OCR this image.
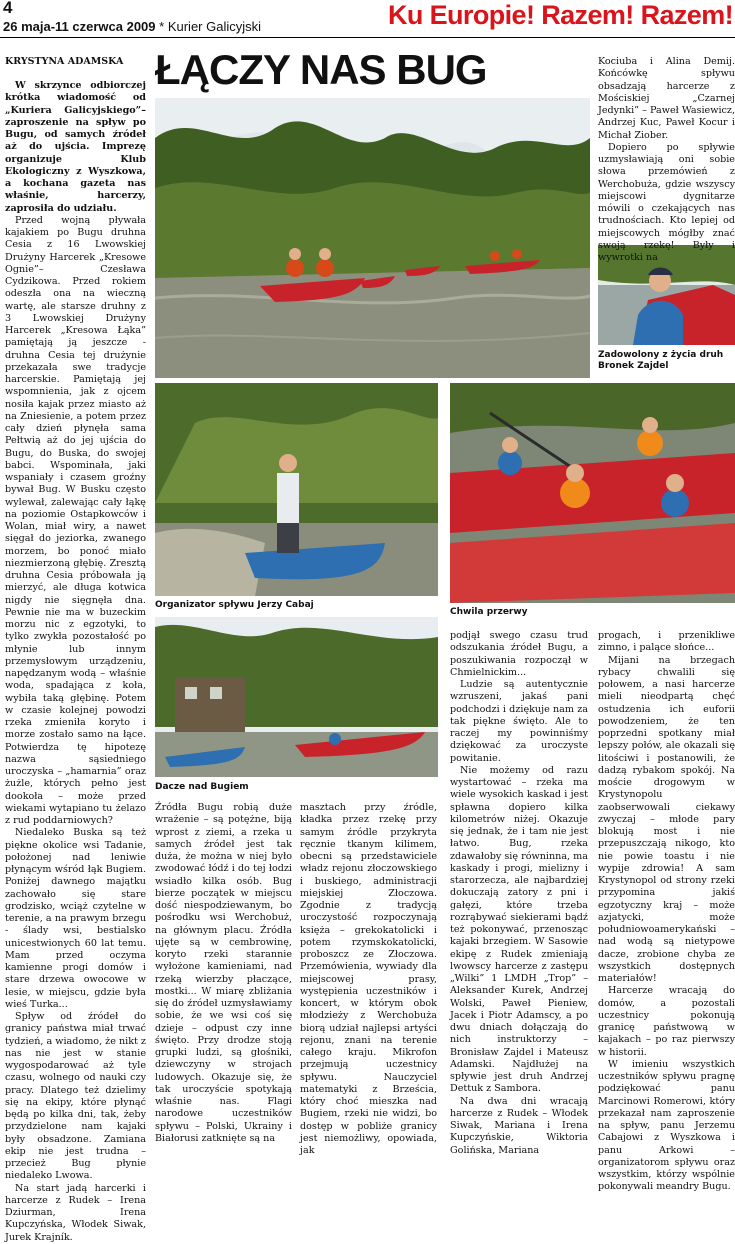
4
26 maja-11 czerwca 2009 * Kurier Galicyjski	Ku Europie! Razem! Razem!
KRYSTYNA ADAMSKA ŁĄCZY NAS BUG

W skrzynce odbiorczej krótka wiadomość od „Kuriera Galicyjskiego”– zaproszenie na spływ po Bugu, od samych źródeł aż do ujścia. Imprezę organizuje Klub Ekologiczny z Wyszkowa, a kochana gazeta nas właśnie, harcerzy, zaprosiła do udziału.

Przed wojną pływała kajakiem po Bugu druhna Cesia z 16 Lwowskiej Drużyny Harcerek „Kresowe Ognie”– Czesława Cydzikowa. Przed rokiem odeszła ona na wieczną wartę, ale starsze druhny z 3 Lwowskiej Drużyny Harcerek „Kresowa Łąka” pamiętają ją jeszcze - druhna Cesia tej drużynie przekazała swe tradycje harcerskie. Pamiętają jej wspomnienia, jak z ojcem nosiła kajak przez miasto aż na Zniesienie, a potem przez cały dzień płynęła sama Pełtwią aż do jej ujścia do Bugu, do Buska, do swojej babci. Wspominała, jaki wspaniały i czasem groźny bywał Bug. W Busku często wylewał, zalewając cały łąkę na poziomie Ostapkowców i Wolan, miał wiry, a nawet sięgał do jeziorka, zwanego morzem, bo ponoć miało niezmierzoną głębię. Zresztą druhna Cesia próbowała ją mierzyć, ale długa kotwica nigdy nie sięgnęła dna. Pewnie nie ma w buzeckim morzu nic z egzotyki, to tylko zwykła pozostałość po młynie lub innym przemysłowym urządzeniu, napędzanym wodą – właśnie woda, spadająca z koła, wybiła taką głębinę. Potem w czasie kolejnej powodzi rzeka zmieniła koryto i morze zostało samo na łące. Potwierdza tę hipotezę nazwa sąsiedniego uroczyska – „hamarnia” oraz żużle, których pełno jest dookoła – może przed wiekami wytapiano tu żelazo z rud poddarniowych?

Niedaleko Buska są też piękne okolice wsi Tadanie, położonej nad leniwie płynącym wśród łąk Bugiem. Poniżej dawnego majątku zachowało się stare grodzisko, wciąż czytelne w terenie, a na prawym brzegu - ślady wsi, bestialsko unicestwionych 60 lat temu. Mam przed oczyma kamienne progi domów i stare drzewa owocowe w lesie, w miejscu, gdzie była wieś Turka...

Spływ od źródeł do granicy państwa miał trwać tydzień, a wiadomo, że nikt z nas nie jest w stanie wygospodarować aż tyle czasu, wolnego od nauki czy pracy. Dlatego też dzielimy się na ekipy, które płynąć będą po kilka dni, tak, żeby przydzielone nam kajaki były obsadzone. Zamiana ekip nie jest trudna – przecież Bug płynie niedaleko Lwowa.

Na start jadą harcerki i harcerze z Rudek – Irena Dziurman, Irena Kupczyńska, Włodek Siwak, Jurek Krajník.

Zadowolony z życia druh Bronek Zajdel
Organizator spływu Jerzy Cabaj
Chwila przerwy
Dacze nad Bugiem

Źródła Bugu robią duże wrażenie – są potężne, biją wprost z ziemi, a rzeka u samych źródeł jest tak duża, że można w niej było zwodować łódź i do tej łodzi wsiadło kilka osób. Bug bierze początek w miejscu dość niespodziewanym, bo pośrodku wsi Werchobuż, na głównym placu. Źródła ujęte są w cembrowinę, koryto rzeki starannie wyłożone kamieniami, nad rzeką wierzby płaczące, mostki... W miarę zbliżania się do źródeł uzmysławiamy sobie, że we wsi coś się dzieje – odpust czy inne święto. Przy drodze stoją grupki ludzi, są głośniki, dziewczyny w strojach ludowych. Okazuje się, że tak uroczyście spotykają właśnie nas. Flagi narodowe uczestników spływu – Polski, Ukrainy i Białorusi zatknięte są na

masztach przy źródle, kładka przez rzekę przy samym źródle przykryta ręcznie tkanym kilimem, obecni są przedstawiciele władz rejonu złoczowskiego i buskiego, administracji miejskiej Złoczowa. Zgodnie z tradycją uroczystość rozpoczynają księża – grekokatolicki i potem rzymskokatolicki, proboszcz ze Złoczowa. Przemówienia, wywiady dla miejscowej prasy, występienia uczestników i koncert, w którym obok młodzieży z Werchobuża biorą udział najlepsi artyści rejonu, znani na terenie całego kraju. Mikrofon przejmują uczestnicy spływu. Nauczyciel matematyki z Brześcia, który choć mieszka nad Bugiem, rzeki nie widzi, bo dostęp w pobliże granicy jest niemożliwy, opowiada, jak

podjął swego czasu trud odszukania źródeł Bugu, a poszukiwania rozpoczął w Chmielnickim...

Ludzie są autentycznie wzruszeni, jakaś pani podchodzi i dziękuje nam za tak piękne święto. Ale to raczej my powinniśmy dziękować za uroczyste powitanie.

Nie możemy od razu wystartować – rzeka ma wiele wysokich kaskad i jest spławna dopiero kilka kilometrów niżej. Okazuje się jednak, że i tam nie jest łatwo. Bug, rzeka zdawałoby się równinna, ma kaskady i progi, mielizny i starorzecza, ale najbardziej dokuczają zatory z pni i gałęzi, które trzeba rozrąbywać siekierami bądź też pokonywać, przenosząc kajaki brzegiem. W Sasowie ekipę z Rudek zmieniają lwowscy harcerze z zastępu „Wilki” 1 LMDH „Trop” – Aleksander Kurek, Andrzej Wolski, Paweł Pieniew, Jacek i Piotr Adamscy, a po dwu dniach dołączają do nich instruktorzy – Bronisław Zajdel i Mateusz Adamski. Najdłużej na spływie jest druh Andrzej Dettuk z Sambora.

Na dwa dni wracają harcerze z Rudek – Włodek Siwak, Mariana i Irena Kupczyńskie, Wiktoria Golińska, Mariana

Kociuba i Alina Demij. Końcówkę spływu obsadzają harcerze z Mościskiej „Czarnej Jedynki” – Paweł Wasiewicz, Andrzej Kuc, Paweł Kocur i Michał Ziober.

Dopiero po spływie uzmysławiają oni sobie słowa przemówień z Werchobuża, gdzie wszyscy miejscowi dygnitarze mówili o czekających nas trudnościach. Kto lepiej od miejscowych mógłby znać swoją rzekę! Były i wywrotki na

progach, i przenikliwe zimno, i palące słońce...

Mijani na brzegach rybacy chwalili się połowem, a nasi harcerze mieli nieodpartą chęć ostudzenia ich euforii powodzeniem, że ten poprzedni spotkany miał lepszy połów, ale okazali się litościwi i postanowili, że dadzą rybakom spokój. Na moście drogowym w Krystynopolu zaobserwowali ciekawy zwyczaj – młode pary blokują most i nie przepuszczają nikogo, kto nie powie toastu i nie wypije zdrowia! A sam Krystynopol od strony rzeki przypomina jakiś egzotyczny kraj – może azjatycki, może południowoamerykański – nad wodą są nietypowe dacze, zrobione chyba ze wszystkich dostępnych materiałów!

Harcerze wracają do domów, a pozostali uczestnicy pokonują granicę państwową w kajakach – po raz pierwszy w historii.

W imieniu wszystkich uczestników spływu pragnę podziękować panu Marcinowi Romerowi, który przekazał nam zaproszenie na spływ, panu Jerzemu Cabajowi z Wyszkowa i panu Arkowi – organizatorom spływu oraz wszystkim, którzy wspólnie pokonywali meandry Bugu.
